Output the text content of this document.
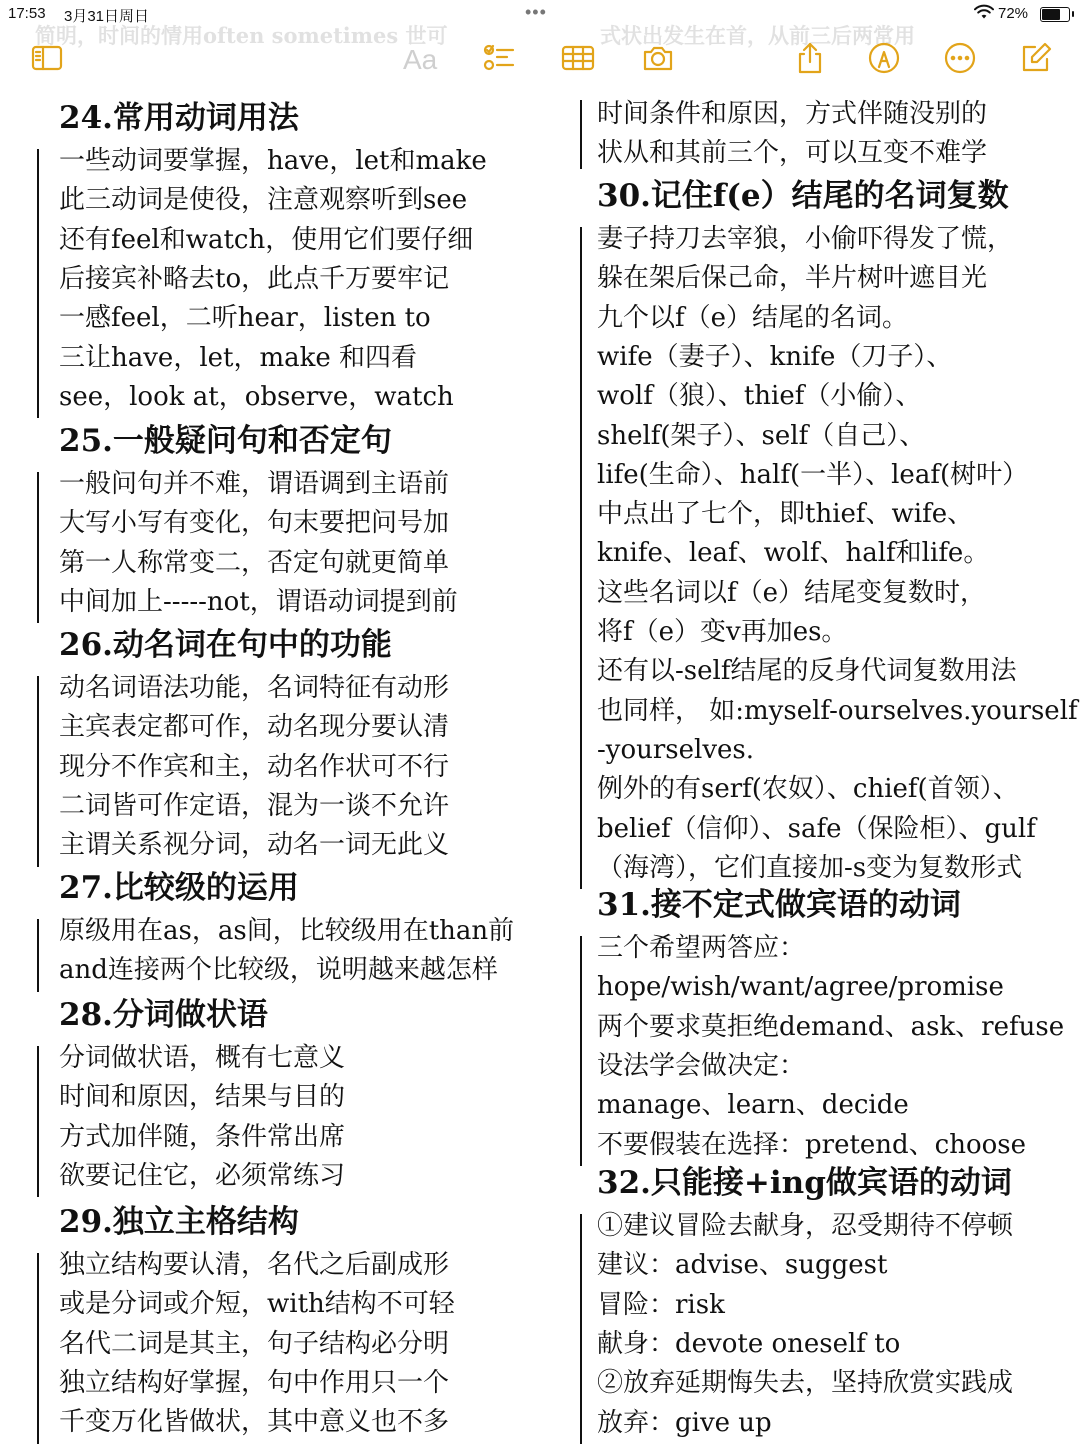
17:53 3月31日周日	•••	72%
简明，时间的情用often sometimes 世可	式状出发生在首，从前三后两常用
Aa
24.常用动词用法
一些动词要掌握，have，let和make
此三动词是使役，注意观察听到see
还有feel和watch，使用它们要仔细
后接宾补略去to，此点千万要牢记
一感feel，二听hear，listen to
三让have，let，make 和四看
see，look at，observe，watch
25.一般疑问句和否定句
一般问句并不难，谓语调到主语前
大写小写有变化，句末要把问号加
第一人称常变二，否定句就更简单
中间加上-----not，谓语动词提到前
26.动名词在句中的功能
动名词语法功能，名词特征有动形
主宾表定都可作，动名现分要认清
现分不作宾和主，动名作状可不行
二词皆可作定语，混为一谈不允许
主谓关系视分词，动名一词无此义
27.比较级的运用
原级用在as，as间，比较级用在than前
and连接两个比较级，说明越来越怎样
28.分词做状语
分词做状语，概有七意义
时间和原因，结果与目的
方式加伴随，条件常出席
欲要记住它，必须常练习
29.独立主格结构
独立结构要认清，名代之后副成形
或是分词或介短，with结构不可轻
名代二词是其主，句子结构必分明
独立结构好掌握，句中作用只一个
千变万化皆做状，其中意义也不多
时间条件和原因，方式伴随没别的
状从和其前三个，可以互变不难学
30.记住f(e）结尾的名词复数
妻子持刀去宰狼，小偷吓得发了慌，
躲在架后保己命，半片树叶遮目光
九个以f（e）结尾的名词。
wife（妻子）、knife（刀子）、
wolf（狼）、thief（小偷）、
shelf(架子）、self（自己）、
life(生命）、half(一半）、leaf(树叶）
中点出了七个，即thief、wife、
knife、leaf、wolf、half和life。
这些名词以f（e）结尾变复数时，
将f（e）变v再加es。
还有以-self结尾的反身代词复数用法
也同样， 如:myself-ourselves.yourself
-yourselves.
例外的有serf(农奴）、chief(首领）、
belief（信仰）、safe（保险柜）、gulf
（海湾），它们直接加-s变为复数形式
31.接不定式做宾语的动词
三个希望两答应：
hope/wish/want/agree/promise
两个要求莫拒绝demand、ask、refuse
设法学会做决定：
manage、learn、decide
不要假装在选择：pretend、choose
32.只能接+ing做宾语的动词
①建议冒险去献身，忍受期待不停顿
建议：advise、suggest
冒险：risk
献身：devote oneself to
②放弃延期悔失去，坚持欣赏实践成
放弃：give up
